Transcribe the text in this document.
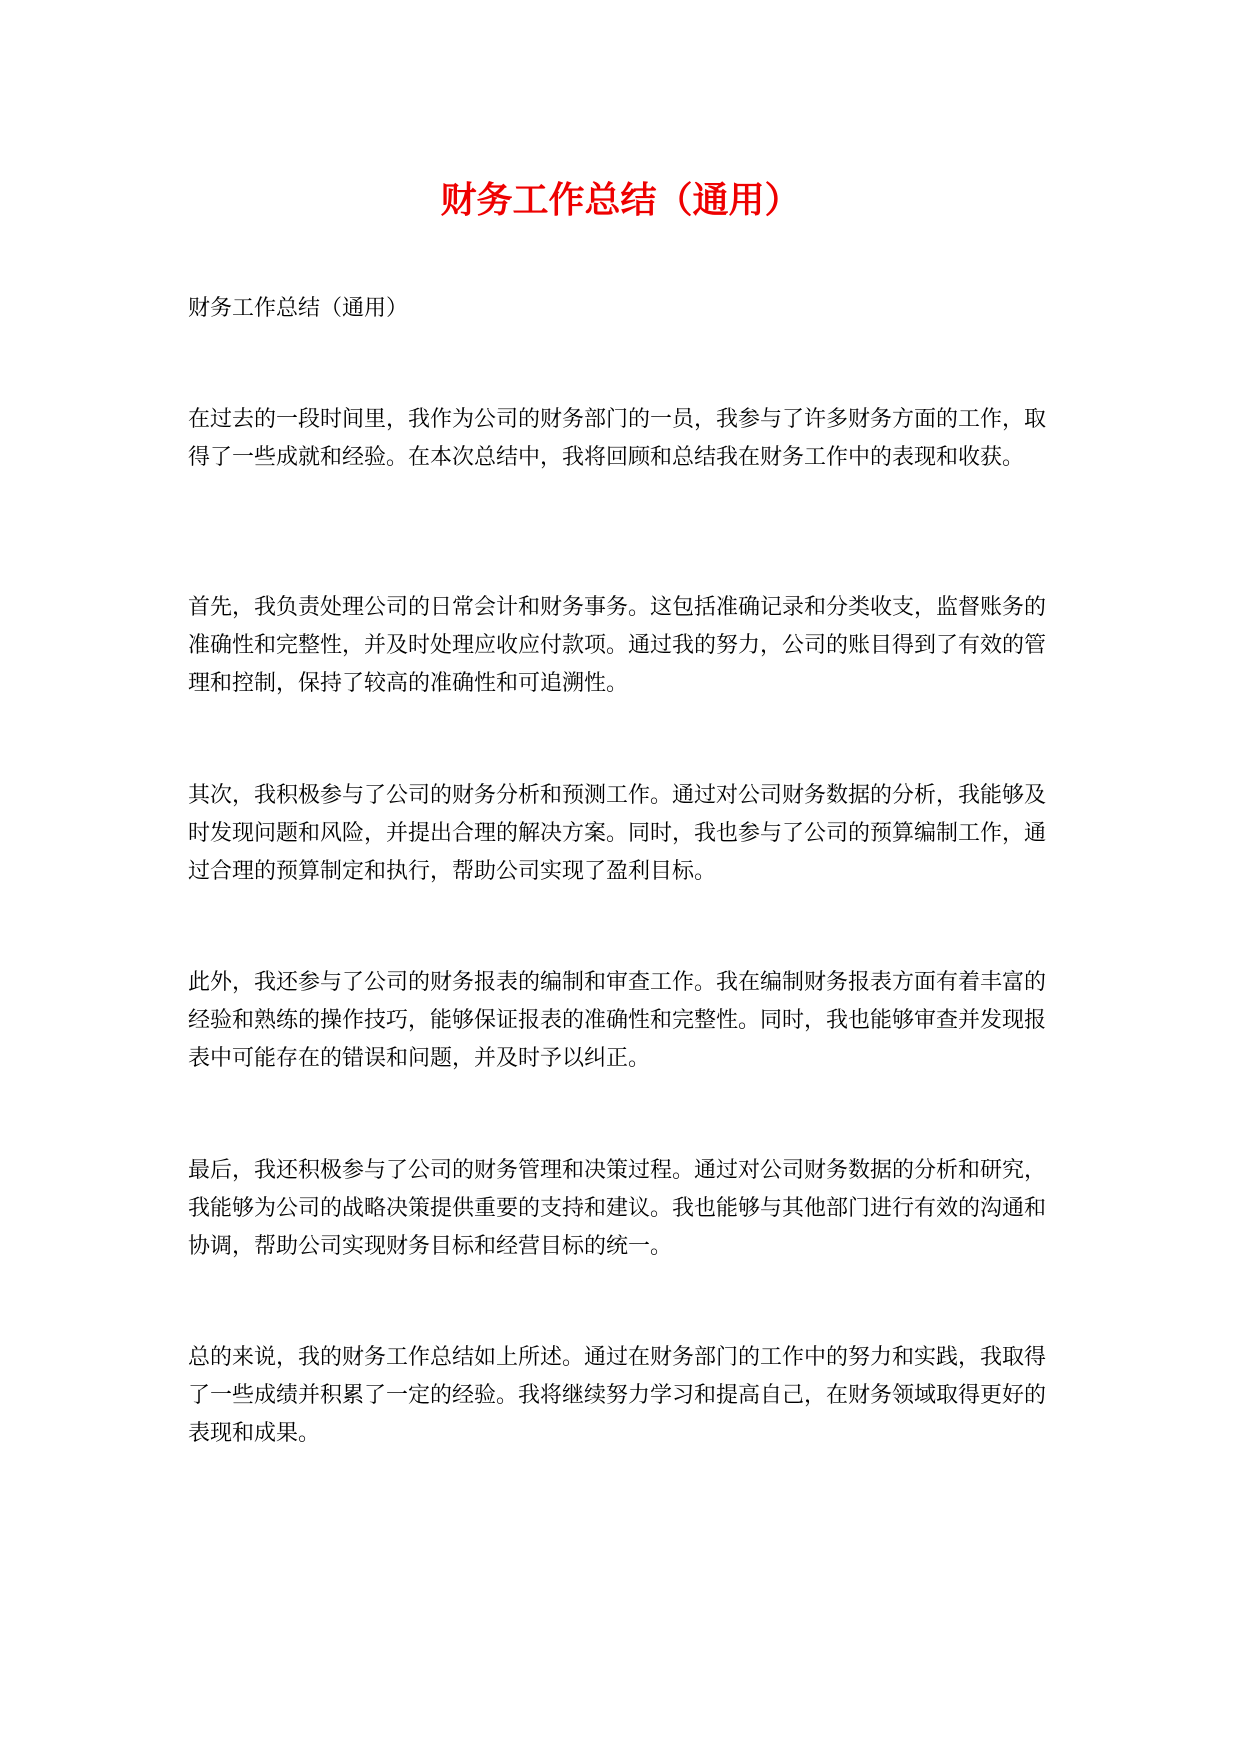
财务工作总结（通用）

财务工作总结（通用）

在过去的一段时间里，我作为公司的财务部门的一员，我参与了许多财务方面的工作，取得了一些成就和经验。在本次总结中，我将回顾和总结我在财务工作中的表现和收获。

首先，我负责处理公司的日常会计和财务事务。这包括准确记录和分类收支，监督账务的准确性和完整性，并及时处理应收应付款项。通过我的努力，公司的账目得到了有效的管理和控制，保持了较高的准确性和可追溯性。

其次，我积极参与了公司的财务分析和预测工作。通过对公司财务数据的分析，我能够及时发现问题和风险，并提出合理的解决方案。同时，我也参与了公司的预算编制工作，通过合理的预算制定和执行，帮助公司实现了盈利目标。

此外，我还参与了公司的财务报表的编制和审查工作。我在编制财务报表方面有着丰富的经验和熟练的操作技巧，能够保证报表的准确性和完整性。同时，我也能够审查并发现报表中可能存在的错误和问题，并及时予以纠正。

最后，我还积极参与了公司的财务管理和决策过程。通过对公司财务数据的分析和研究，我能够为公司的战略决策提供重要的支持和建议。我也能够与其他部门进行有效的沟通和协调，帮助公司实现财务目标和经营目标的统一。

总的来说，我的财务工作总结如上所述。通过在财务部门的工作中的努力和实践，我取得了一些成绩并积累了一定的经验。我将继续努力学习和提高自己，在财务领域取得更好的表现和成果。
